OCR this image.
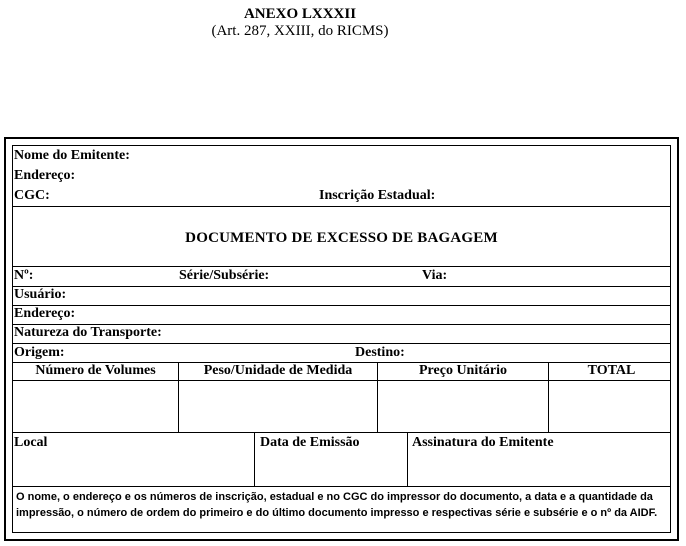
ANEXO LXXXII
(Art. 287, XXIII, do RICMS)
Nome do Emitente:
Endereço:
CGC:	Inscrição Estadual:
DOCUMENTO DE EXCESSO DE BAGAGEM
Nº:	Série/Subsérie:	Via:
Usuário:
Endereço:
Natureza do Transporte:
Origem:	Destino:
Número de Volumes	Peso/Unidade de Medida	Preço Unitário	TOTAL
Local	Data de Emissão	Assinatura do Emitente
O nome, o endereço e os números de inscrição, estadual e no CGC do impressor do documento, a data e a quantidade da impressão, o número de ordem do primeiro e do último documento impresso e respectivas série e subsérie e o nº da AIDF.
